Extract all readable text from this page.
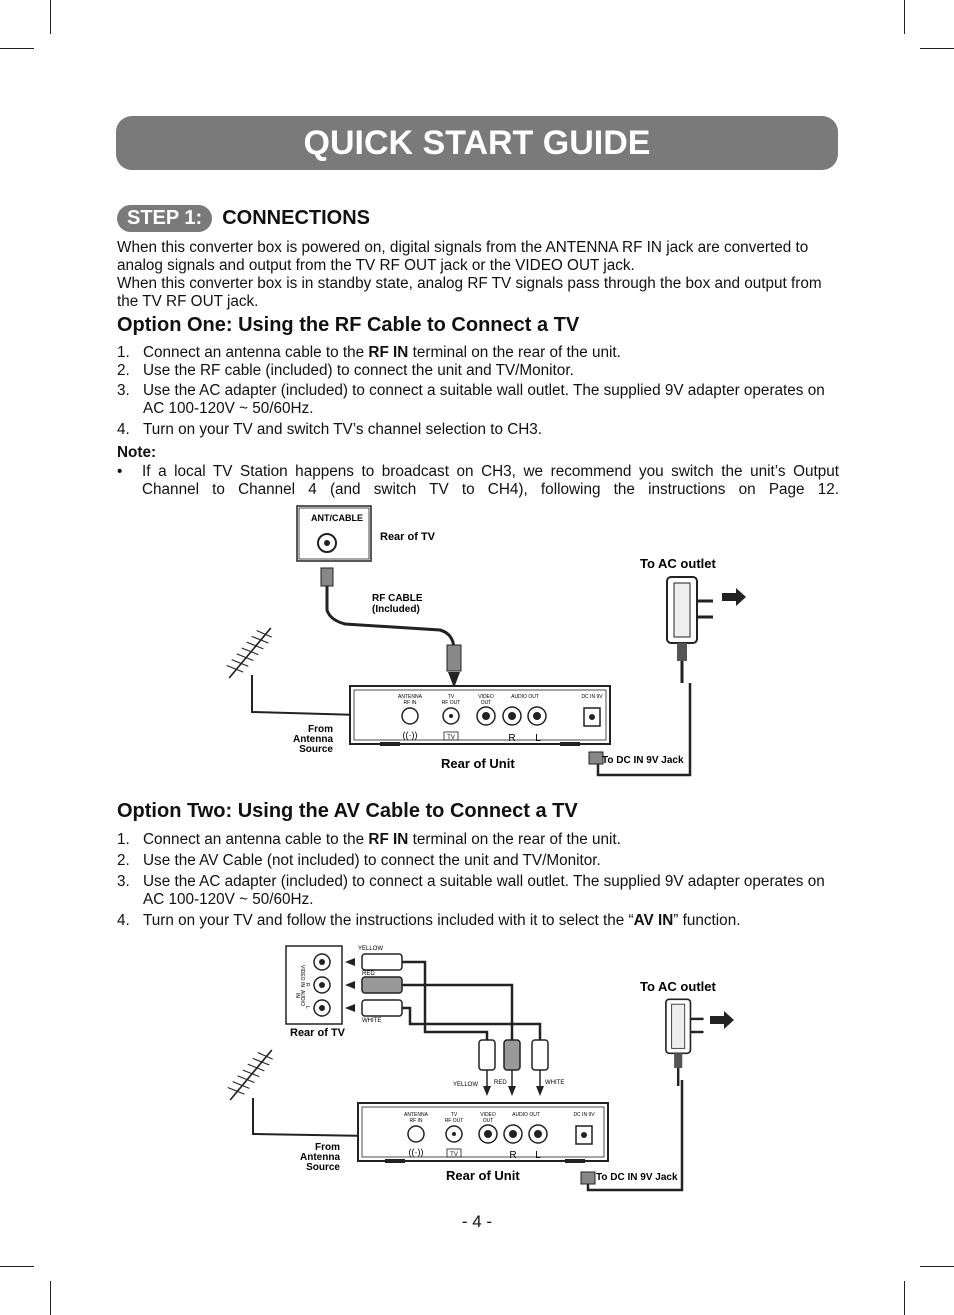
QUICK START GUIDE
STEP 1:	CONNECTIONS
When this converter box is powered on, digital signals from the ANTENNA RF IN jack are converted to analog signals and output from the TV RF OUT jack or the VIDEO OUT jack.
When this converter box is in standby state, analog RF TV signals pass through the box and output from the TV RF OUT jack.
Option One: Using the RF Cable to Connect a TV
1. Connect an antenna cable to the RF IN terminal on the rear of the unit.
2. Use the RF cable (included) to connect the unit and TV/Monitor.
3. Use the AC adapter (included) to connect a suitable wall outlet. The supplied 9V adapter operates on AC 100-120V ~ 50/60Hz.
4. Turn on your TV and switch TV’s channel selection to CH3.
Note:
• If a local TV Station happens to broadcast on CH3, we recommend you switch the unit’s Output Channel to Channel 4 (and switch TV to CH4), following the instructions on Page 12.
ANT/CABLE
Rear of TV
RF CABLE
(Included)
To AC outlet
ANTENNA
RF IN
TV
RF OUT
VIDEO
OUT
AUDIO OUT	DC IN 9V
TV	R L
((·))
From
Antenna
Source
Rear of Unit	To DC IN 9V Jack
Option Two: Using the AV Cable to Connect a TV
1. Connect an antenna cable to the RF IN terminal on the rear of the unit.
2. Use the AV Cable (not included) to connect the unit and TV/Monitor.
3. Use the AC adapter (included) to connect a suitable wall outlet. The supplied 9V adapter operates on AC 100-120V ~ 50/60Hz.
4. Turn on your TV and follow the instructions included with it to select the “AV IN” function.
VIDEO IN
AUDIO
IN
R
L
Rear of TV
YELLOW
RED
WHITE
YELLOW	RED	WHITE
To AC outlet
ANTENNA
RF IN
TV
RF OUT
VIDEO
OUT
AUDIO OUT	DC IN 9V
TV	R L
((·))
From
Antenna
Source
Rear of Unit	To DC IN 9V Jack
- 4 -
